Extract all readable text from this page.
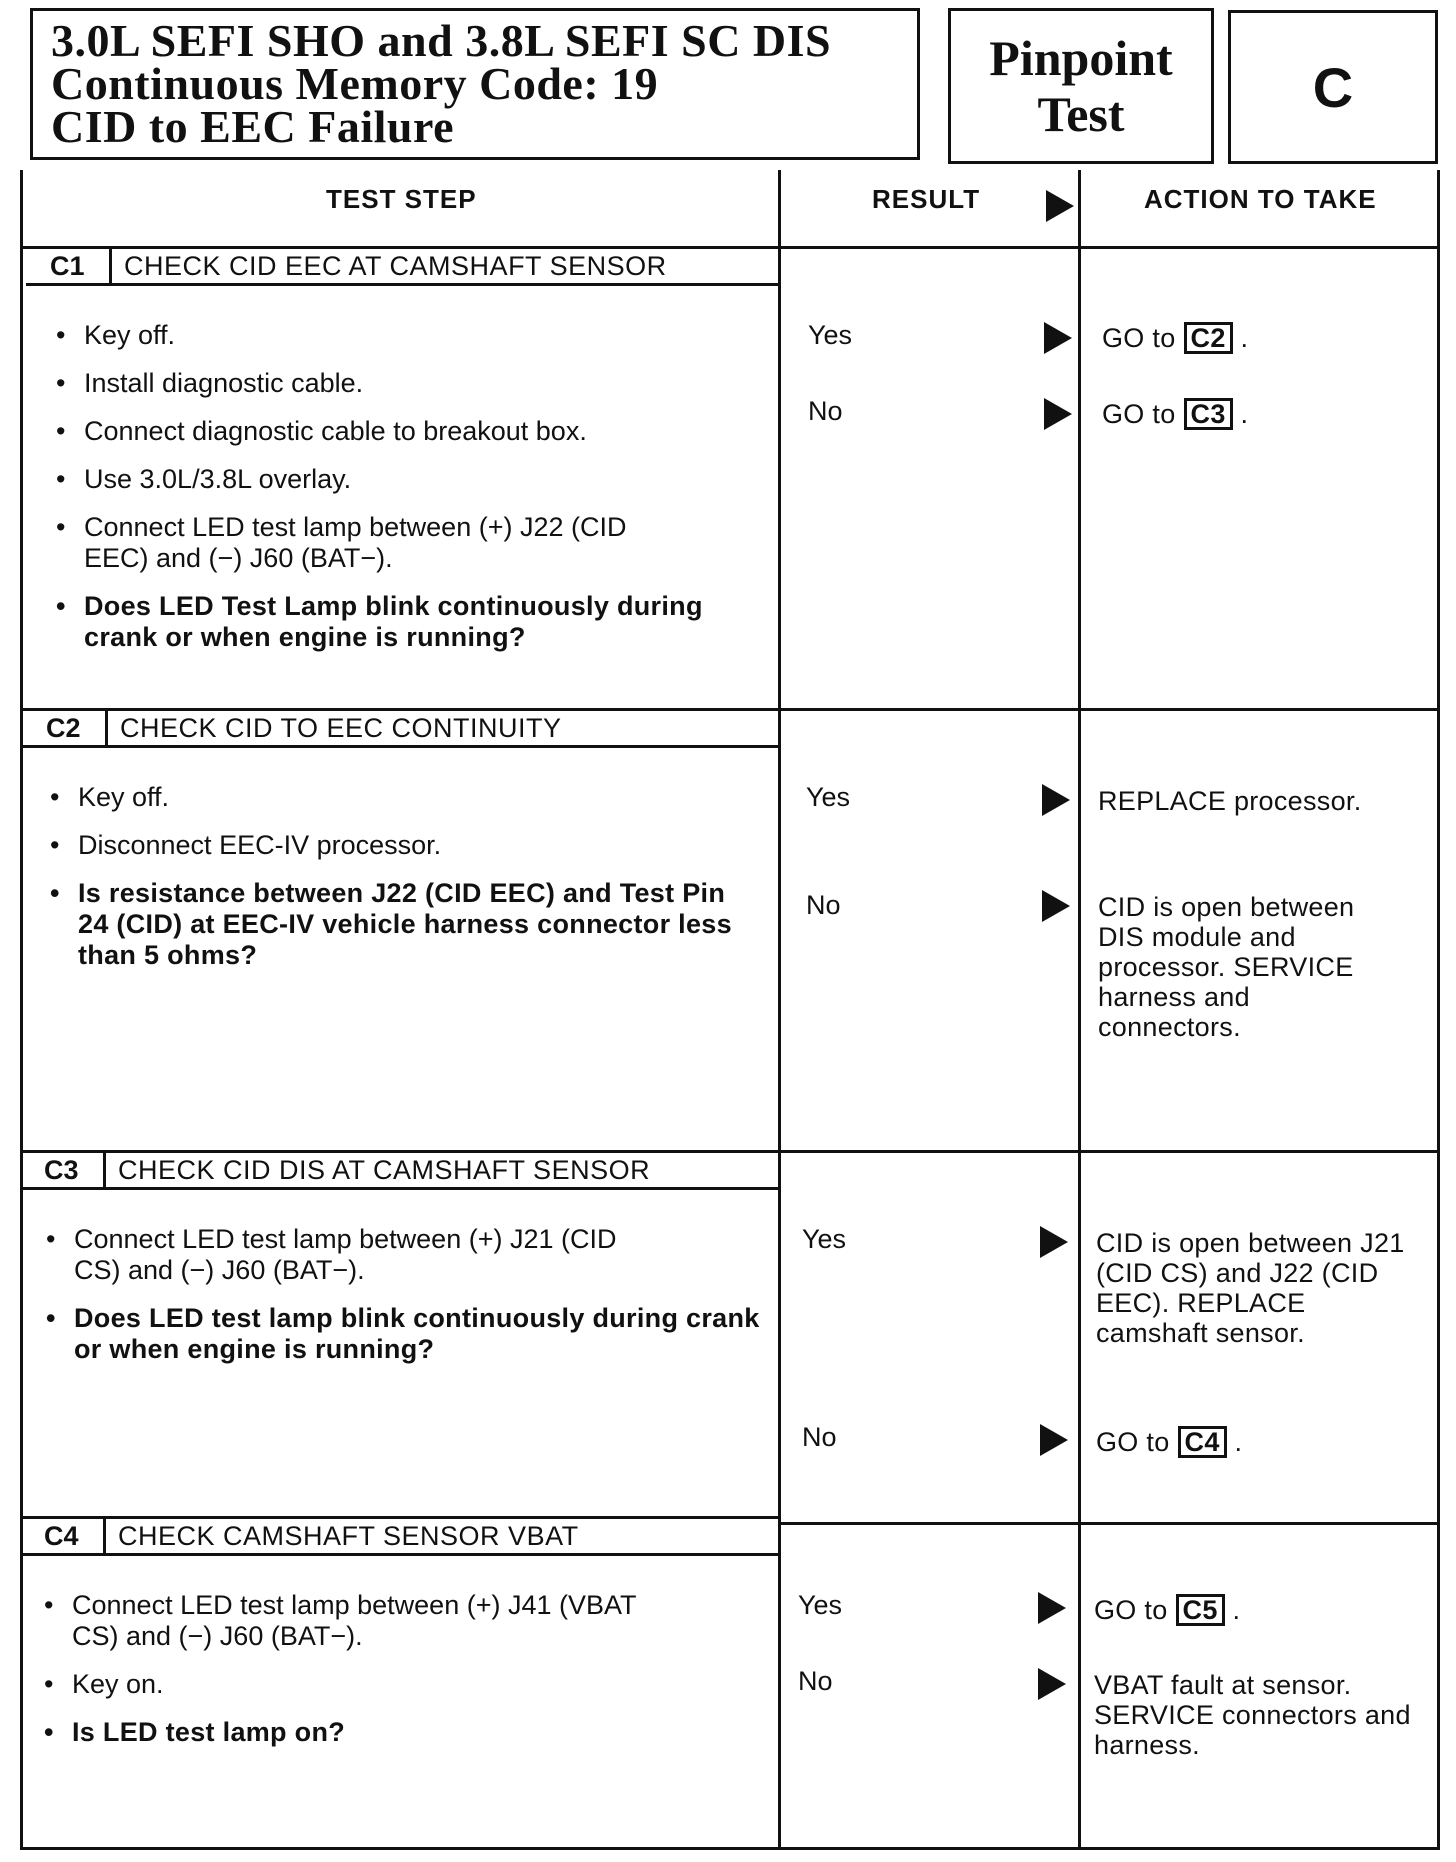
3.0L SEFI SHO and 3.8L SEFI SC DIS
Continuous Memory Code: 19
CID to EEC Failure
Pinpoint
Test	C
TEST STEP	RESULT	ACTION TO TAKE
C1	CHECK CID EEC AT CAMSHAFT SENSOR
• Key off.
• Install diagnostic cable.
• Connect diagnostic cable to breakout box.
• Use 3.0L/3.8L overlay.
• Connect LED test lamp between (+) J22 (CID EEC) and (−) J60 (BAT−).
• Does LED Test Lamp blink continuously during crank or when engine is running?
Yes	GO to C2 .
No	GO to C3 .
C2	CHECK CID TO EEC CONTINUITY
• Key off.
• Disconnect EEC-IV processor.
• Is resistance between J22 (CID EEC) and Test Pin 24 (CID) at EEC-IV vehicle harness connector less than 5 ohms?
Yes	REPLACE processor.
No	CID is open between DIS module and processor. SERVICE harness and connectors.
C3	CHECK CID DIS AT CAMSHAFT SENSOR
• Connect LED test lamp between (+) J21 (CID CS) and (−) J60 (BAT−).
• Does LED test lamp blink continuously during crank or when engine is running?
Yes	CID is open between J21 (CID CS) and J22 (CID EEC). REPLACE camshaft sensor.
No	GO to C4 .
C4	CHECK CAMSHAFT SENSOR VBAT
• Connect LED test lamp between (+) J41 (VBAT CS) and (−) J60 (BAT−).
• Key on.
• Is LED test lamp on?
Yes	GO to C5 .
No	VBAT fault at sensor. SERVICE connectors and harness.
